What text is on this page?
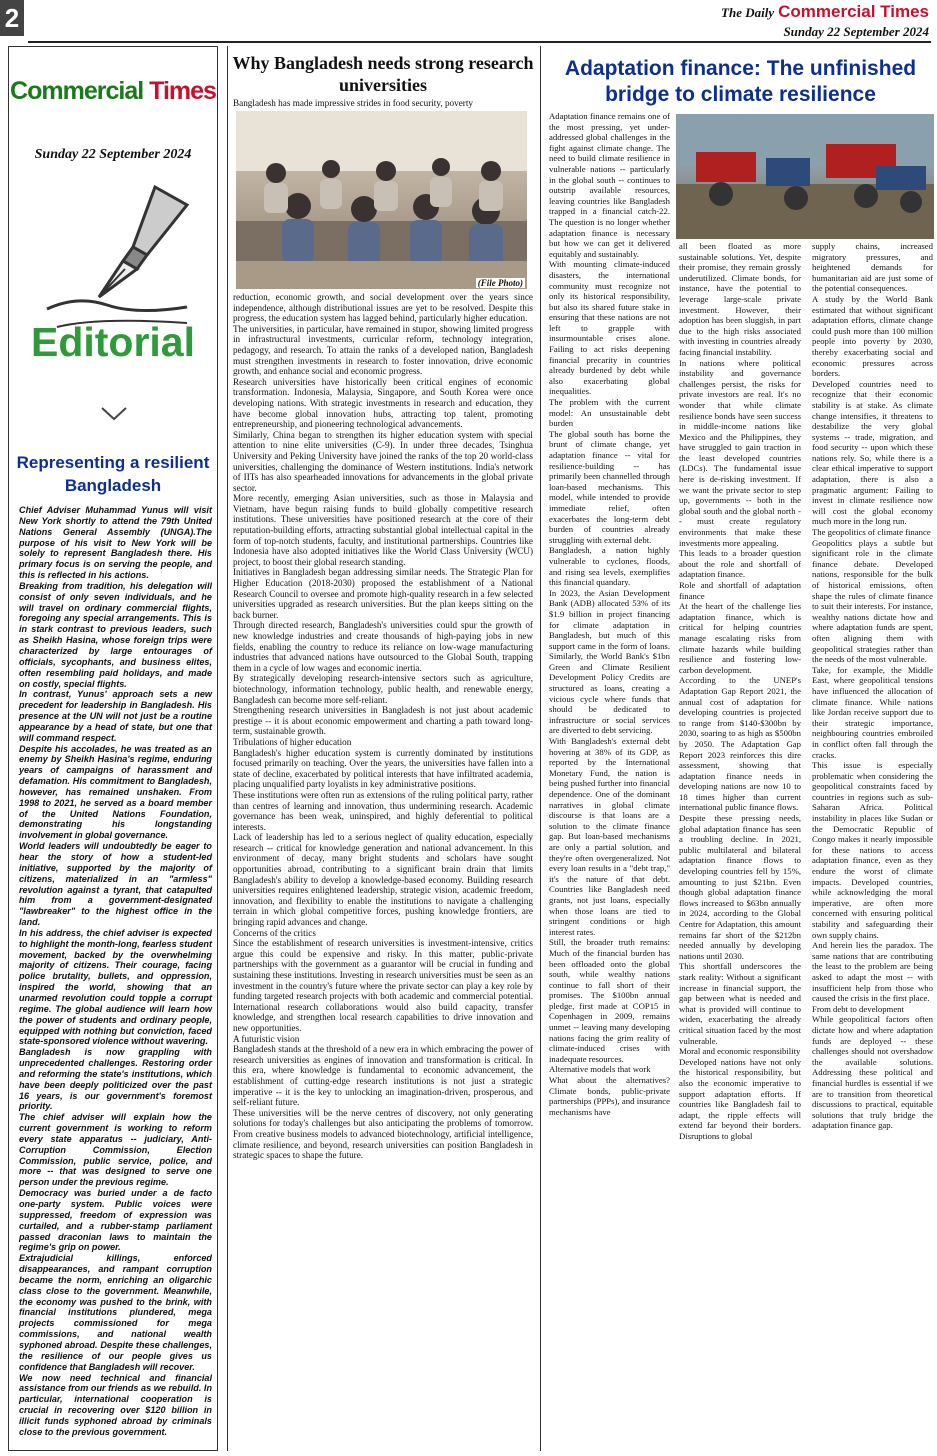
2	The Daily Commercial Times
Sunday 22 September 2024
Commercial Times
Sunday 22 September 2024
Editorial
Representing a resilient Bangladesh

Chief Adviser Muhammad Yunus will visit New York shortly to attend the 79th United Nations General Assembly (UNGA).The purpose of his visit to New York will be solely to represent Bangladesh there. His primary focus is on serving the people, and this is reflected in his actions.

Breaking from tradition, his delegation will consist of only seven individuals, and he will travel on ordinary commercial flights, foregoing any special arrangements. This is in stark contrast to previous leaders, such as Sheikh Hasina, whose foreign trips were characterized by large entourages of officials, sycophants, and business elites, often resembling paid holidays, and made on costly, special flights.

In contrast, Yunus' approach sets a new precedent for leadership in Bangladesh. His presence at the UN will not just be a routine appearance by a head of state, but one that will command respect.

Despite his accolades, he was treated as an enemy by Sheikh Hasina's regime, enduring years of campaigns of harassment and defamation. His commitment to Bangladesh, however, has remained unshaken. From 1998 to 2021, he served as a board member of the United Nations Foundation, demonstrating his longstanding involvement in global governance.

World leaders will undoubtedly be eager to hear the story of how a student-led initiative, supported by the majority of citizens, materialized in an "armless" revolution against a tyrant, that catapulted him from a government-designated "lawbreaker" to the highest office in the land.

In his address, the chief adviser is expected to highlight the month-long, fearless student movement, backed by the overwhelming majority of citizens. Their courage, facing police brutality, bullets, and oppression, inspired the world, showing that an unarmed revolution could topple a corrupt regime. The global audience will learn how the power of students and ordinary people, equipped with nothing but conviction, faced state-sponsored violence without wavering.

Bangladesh is now grappling with unprecedented challenges. Restoring order and reforming the state's institutions, which have been deeply politicized over the past 16 years, is our government's foremost priority.

The chief adviser will explain how the current government is working to reform every state apparatus -- judiciary, Anti-Corruption Commission, Election Commission, public service, police, and more -- that was designed to serve one person under the previous regime.

Democracy was buried under a de facto one-party system. Public voices were suppressed, freedom of expression was curtailed, and a rubber-stamp parliament passed draconian laws to maintain the regime's grip on power.

Extrajudicial killings, enforced disappearances, and rampant corruption became the norm, enriching an oligarchic class close to the government. Meanwhile, the economy was pushed to the brink, with financial institutions plundered, mega projects commissioned for mega commissions, and national wealth syphoned abroad. Despite these challenges, the resilience of our people gives us confidence that Bangladesh will recover.

We now need technical and financial assistance from our friends as we rebuild. In particular, international cooperation is crucial in recovering over $120 billion in illicit funds syphoned abroad by criminals close to the previous government.

Why Bangladesh needs strong research universities
Bangladesh has made impressive strides in food security, poverty
(File Photo)

reduction, economic growth, and social development over the years since independence, although distributional issues are yet to be resolved. Despite this progress, the education system has lagged behind, particularly higher education.

The universities, in particular, have remained in stupor, showing limited progress in infrastructural investments, curricular reform, technology integration, pedagogy, and research. To attain the ranks of a developed nation, Bangladesh must strengthen investments in research to foster innovation, drive economic growth, and enhance social and economic progress.

Research universities have historically been critical engines of economic transformation. Indonesia, Malaysia, Singapore, and South Korea were once developing nations. With strategic investments in research and education, they have become global innovation hubs, attracting top talent, promoting entrepreneurship, and pioneering technological advancements.

Similarly, China began to strengthen its higher education system with special attention to nine elite universities (C-9). In under three decades, Tsinghua University and Peking University have joined the ranks of the top 20 world-class universities, challenging the dominance of Western institutions. India's network of IITs has also spearheaded innovations for advancements in the global private sector.

More recently, emerging Asian universities, such as those in Malaysia and Vietnam, have begun raising funds to build globally competitive research institutions. These universities have positioned research at the core of their reputation-building efforts, attracting substantial global intellectual capital in the form of top-notch students, faculty, and institutional partnerships. Countries like Indonesia have also adopted initiatives like the World Class University (WCU) project, to boost their global research standing.

Initiatives in Bangladesh began addressing similar needs. The Strategic Plan for Higher Education (2018-2030) proposed the establishment of a National Research Council to oversee and promote high-quality research in a few selected universities upgraded as research universities. But the plan keeps sitting on the back burner.

Through directed research, Bangladesh's universities could spur the growth of new knowledge industries and create thousands of high-paying jobs in new fields, enabling the country to reduce its reliance on low-wage manufacturing industries that advanced nations have outsourced to the Global South, trapping them in a cycle of low wages and economic inertia.

By strategically developing research-intensive sectors such as agriculture, biotechnology, information technology, public health, and renewable energy, Bangladesh can become more self-reliant.

Strengthening research universities in Bangladesh is not just about academic prestige -- it is about economic empowerment and charting a path toward long-term, sustainable growth.

Tribulations of higher education

Bangladesh's higher education system is currently dominated by institutions focused primarily on teaching. Over the years, the universities have fallen into a state of decline, exacerbated by political interests that have infiltrated academia, placing unqualified party loyalists in key administrative positions.

These institutions were often run as extensions of the ruling political party, rather than centres of learning and innovation, thus undermining research. Academic governance has been weak, uninspired, and highly deferential to political interests.

Lack of leadership has led to a serious neglect of quality education, especially research -- critical for knowledge generation and national advancement. In this environment of decay, many bright students and scholars have sought opportunities abroad, contributing to a significant brain drain that limits Bangladesh's ability to develop a knowledge-based economy. Building research universities requires enlightened leadership, strategic vision, academic freedom, innovation, and flexibility to enable the institutions to navigate a challenging terrain in which global competitive forces, pushing knowledge frontiers, are bringing rapid advances and change.

Concerns of the critics

Since the establishment of research universities is investment-intensive, critics argue this could be expensive and risky. In this matter, public-private partnerships with the government as a guarantor will be crucial in funding and sustaining these institutions. Investing in research universities must be seen as an investment in the country's future where the private sector can play a key role by funding targeted research projects with both academic and commercial potential. International research collaborations would also build capacity, transfer knowledge, and strengthen local research capabilities to drive innovation and new opportunities.

A futuristic vision

Bangladesh stands at the threshold of a new era in which embracing the power of research universities as engines of innovation and transformation is critical. In this era, where knowledge is fundamental to economic advancement, the establishment of cutting-edge research institutions is not just a strategic imperative -- it is the key to unlocking an imagination-driven, prosperous, and self-reliant future.

These universities will be the nerve centres of discovery, not only generating solutions for today's challenges but also anticipating the problems of tomorrow. From creative business models to advanced biotechnology, artificial intelligence, climate resilience, and beyond, research universities can position Bangladesh in strategic spaces to shape the future.

Adaptation finance: The unfinished bridge to climate resilience

Adaptation finance remains one of the most pressing, yet under-addressed global challenges in the fight against climate change. The need to build climate resilience in vulnerable nations -- particularly in the global south -- continues to outstrip available resources, leaving countries like Bangladesh trapped in a financial catch-22. The question is no longer whether adaptation finance is necessary but how we can get it delivered equitably and sustainably.

With mounting climate-induced disasters, the international community must recognize not only its historical responsibility, but also its shared future stake in ensuring that these nations are not left to grapple with insurmountable crises alone. Failing to act risks deepening financial precarity in countries already burdened by debt while also exacerbating global inequalities.

The problem with the current model: An unsustainable debt burden

The global south has borne the brunt of climate change, yet adaptation finance -- vital for resilience-building -- has primarily been channelled through loan-based mechanisms. This model, while intended to provide immediate relief, often exacerbates the long-term debt burden of countries already struggling with external debt.

Bangladesh, a nation highly vulnerable to cyclones, floods, and rising sea levels, exemplifies this financial quandary.

In 2023, the Asian Development Bank (ADB) allocated 53% of its $1.9 billion in project financing for climate adaptation in Bangladesh, but much of this support came in the form of loans. Similarly, the World Bank's $1bn Green and Climate Resilient Development Policy Credits are structured as loans, creating a vicious cycle where funds that should be dedicated to infrastructure or social services are diverted to debt servicing.

With Bangladesh's external debt hovering at 38% of its GDP, as reported by the International Monetary Fund, the nation is being pushed further into financial dependence. One of the dominant narratives in global climate discourse is that loans are a solution to the climate finance gap. But loan-based mechanisms are only a partial solution, and they're often overgeneralized. Not every loan results in a "debt trap," it's the nature of that debt. Countries like Bangladesh need grants, not just loans, especially when those loans are tied to stringent conditions or high interest rates.

Still, the broader truth remains: Much of the financial burden has been offloaded onto the global south, while wealthy nations continue to fall short of their promises. The $100bn annual pledge, first made at COP15 in Copenhagen in 2009, remains unmet -- leaving many developing nations facing the grim reality of climate-induced crises with inadequate resources.

Alternative models that work

What about the alternatives? Climate bonds, public-private partnerships (PPPs), and insurance mechanisms have

all been floated as more sustainable solutions. Yet, despite their promise, they remain grossly underutilized. Climate bonds, for instance, have the potential to leverage large-scale private investment. However, their adoption has been sluggish, in part due to the high risks associated with investing in countries already facing financial instability.

In nations where political instability and governance challenges persist, the risks for private investors are real. It's no wonder that while climate resilience bonds have seen success in middle-income nations like Mexico and the Philippines, they have struggled to gain traction in the least developed countries (LDCs). The fundamental issue here is de-risking investment. If we want the private sector to step up, governments -- both in the global south and the global north -- must create regulatory environments that make these investments more appealing.

This leads to a broader question about the role and shortfall of adaptation finance.

Role and shortfall of adaptation finance

At the heart of the challenge lies adaptation finance, which is critical for helping countries manage escalating risks from climate hazards while building resilience and fostering low-carbon development.

According to the UNEP's Adaptation Gap Report 2021, the annual cost of adaptation for developing countries is projected to range from $140-$300bn by 2030, soaring to as high as $500bn by 2050. The Adaptation Gap Report 2023 reinforces this dire assessment, showing that adaptation finance needs in developing nations are now 10 to 18 times higher than current international public finance flows.

Despite these pressing needs, global adaptation finance has seen a troubling decline. In 2021, public multilateral and bilateral adaptation finance flows to developing countries fell by 15%, amounting to just $21bn. Even though global adaptation finance flows increased to $63bn annually in 2024, according to the Global Centre for Adaptation, this amount remains far short of the $212bn needed annually by developing nations until 2030.

This shortfall underscores the stark reality: Without a significant increase in financial support, the gap between what is needed and what is provided will continue to widen, exacerbating the already critical situation faced by the most vulnerable.

Moral and economic responsibility

Developed nations have not only the historical responsibility, but also the economic imperative to support adaptation efforts. If countries like Bangladesh fail to adapt, the ripple effects will extend far beyond their borders. Disruptions to global

supply chains, increased migratory pressures, and heightened demands for humanitarian aid are just some of the potential consequences.

A study by the World Bank estimated that without significant adaptation efforts, climate change could push more than 100 million people into poverty by 2030, thereby exacerbating social and economic pressures across borders.

Developed countries need to recognize that their economic stability is at stake. As climate change intensifies, it threatens to destabilize the very global systems -- trade, migration, and food security -- upon which these nations rely. So, while there is a clear ethical imperative to support adaptation, there is also a pragmatic argument: Failing to invest in climate resilience now will cost the global economy much more in the long run.

The geopolitics of climate finance

Geopolitics plays a subtle but significant role in the climate finance debate. Developed nations, responsible for the bulk of historical emissions, often shape the rules of climate finance to suit their interests. For instance, wealthy nations dictate how and where adaptation funds are spent, often aligning them with geopolitical strategies rather than the needs of the most vulnerable.

Take, for example, the Middle East, where geopolitical tensions have influenced the allocation of climate finance. While nations like Jordan receive support due to their strategic importance, neighbouring countries embroiled in conflict often fall through the cracks.

This issue is especially problematic when considering the geopolitical constraints faced by countries in regions such as sub-Saharan Africa. Political instability in places like Sudan or the Democratic Republic of Congo makes it nearly impossible for these nations to access adaptation finance, even as they endure the worst of climate impacts. Developed countries, while acknowledging the moral imperative, are often more concerned with ensuring political stability and safeguarding their own supply chains.

And herein lies the paradox. The same nations that are contributing the least to the problem are being asked to adapt the most -- with insufficient help from those who caused the crisis in the first place.

From debt to development

While geopolitical factors often dictate how and where adaptation funds are deployed -- these challenges should not overshadow the available solutions. Addressing these political and financial hurdles is essential if we are to transition from theoretical discussions to practical, equitable solutions that truly bridge the adaptation finance gap.
